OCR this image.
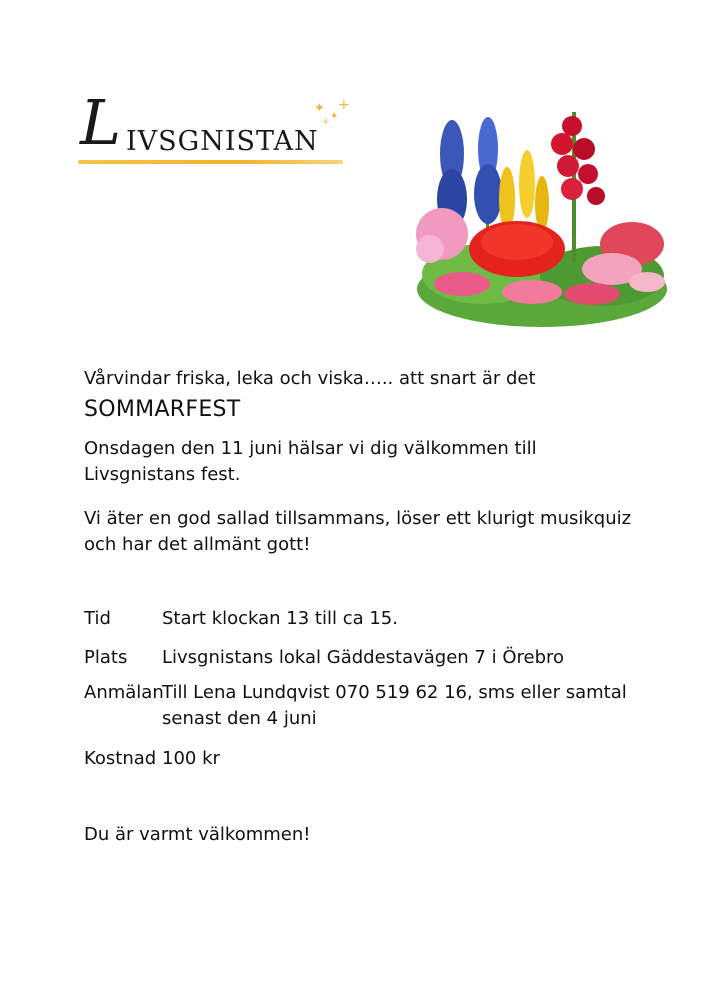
L IVSGNISTAN
✦
✦
+
+
Vårvindar friska, leka och viska….. att snart är det
SOMMARFEST
Onsdagen den 11 juni hälsar vi dig välkommen till Livsgnistans fest.
Vi äter en god sallad tillsammans, löser ett klurigt musikquiz och har det allmänt gott!
Tid	Start klockan 13 till ca 15.
Plats Livsgnistans lokal Gäddestavägen 7 i Örebro
Anmälan
Till Lena Lundqvist 070 519 62 16, sms eller samtal senast den 4 juni
Kostnad 100 kr
Du är varmt välkommen!
